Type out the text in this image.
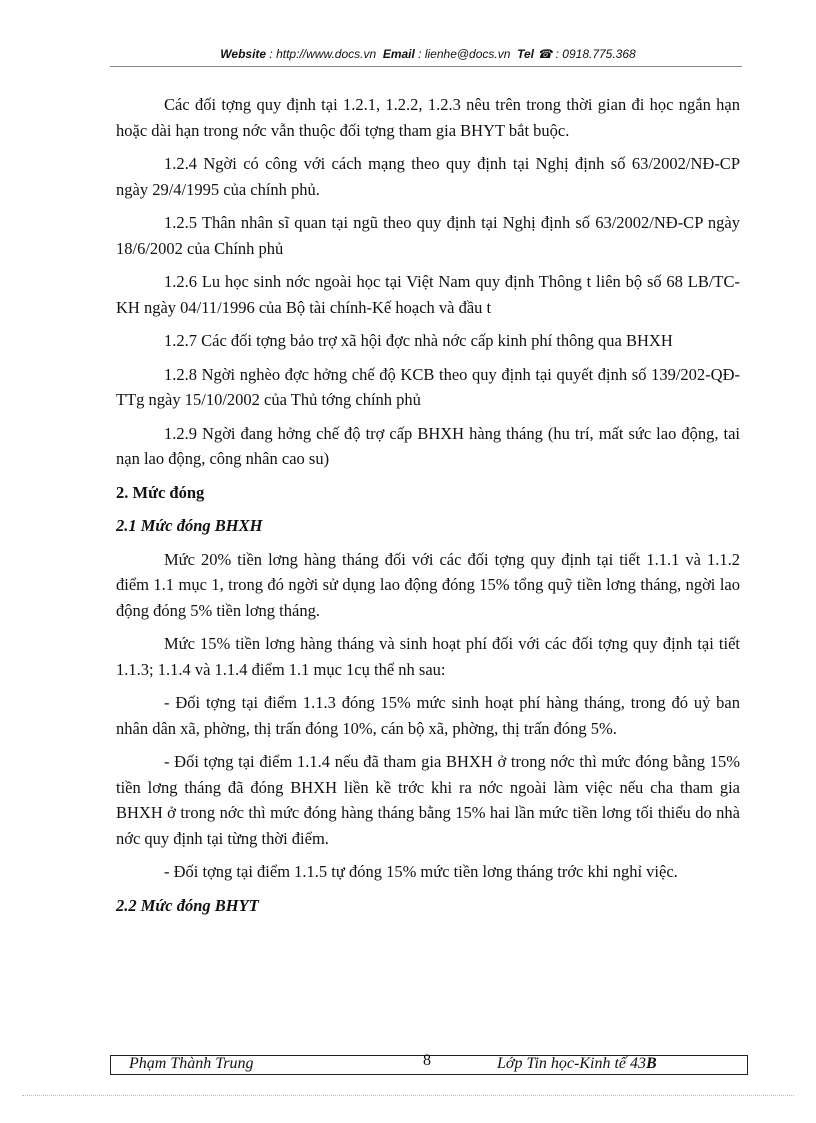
Website : http://www.docs.vn Email : lienhe@docs.vn Tel ☎ : 0918.775.368

Các đối tợng quy định tại 1.2.1, 1.2.2, 1.2.3 nêu trên trong thời gian đi học ngắn hạn hoặc dài hạn trong nớc vẫn thuộc đối tợng tham gia BHYT bắt buộc.

1.2.4 Ngời có công với cách mạng theo quy định tại Nghị định số 63/2002/NĐ-CP ngày 29/4/1995 của chính phủ.

1.2.5 Thân nhân sĩ quan tại ngũ theo quy định tại Nghị định số 63/2002/NĐ-CP ngày 18/6/2002 của Chính phủ

1.2.6 Lu học sinh nớc ngoài học tại Việt Nam quy định Thông t liên bộ số 68 LB/TC-KH ngày 04/11/1996 của Bộ tài chính-Kế hoạch và đầu t

1.2.7 Các đối tợng bảo trợ xã hội đợc nhà nớc cấp kinh phí thông qua BHXH

1.2.8 Ngời nghèo đợc hởng chế độ KCB theo quy định tại quyết định số 139/202-QĐ-TTg ngày 15/10/2002 của Thủ tớng chính phủ

1.2.9 Ngời đang hởng chế độ trợ cấp BHXH hàng tháng (hu trí, mất sức lao động, tai nạn lao động, công nhân cao su)

2. Mức đóng

2.1 Mức đóng BHXH

Mức 20% tiền lơng hàng tháng đối với các đối tợng quy định tại tiết 1.1.1 và 1.1.2 điểm 1.1 mục 1, trong đó ngời sử dụng lao động đóng 15% tổng quỹ tiền lơng tháng, ngời lao động đóng 5% tiền lơng tháng.

Mức 15% tiền lơng hàng tháng và sinh hoạt phí đối với các đối tợng quy định tại tiết 1.1.3; 1.1.4 và 1.1.4 điểm 1.1 mục 1cụ thể nh sau:

- Đối tợng tại điểm 1.1.3 đóng 15% mức sinh hoạt phí hàng tháng, trong đó uỷ ban nhân dân xã, phờng, thị trấn đóng 10%, cán bộ xã, phờng, thị trấn đóng 5%.

- Đối tợng tại điểm 1.1.4 nếu đã tham gia BHXH ở trong nớc thì mức đóng bằng 15% tiền lơng tháng đã đóng BHXH liền kề trớc khi ra nớc ngoài làm việc nếu cha tham gia BHXH ở trong nớc thì mức đóng hàng tháng bằng 15% hai lần mức tiền lơng tối thiểu do nhà nớc quy định tại từng thời điểm.

- Đối tợng tại điểm 1.1.5 tự đóng 15% mức tiền lơng tháng trớc khi nghỉ việc.

2.2 Mức đóng BHYT

Phạm Thành Trung	8	Lớp Tin học-Kinh tế 43B
